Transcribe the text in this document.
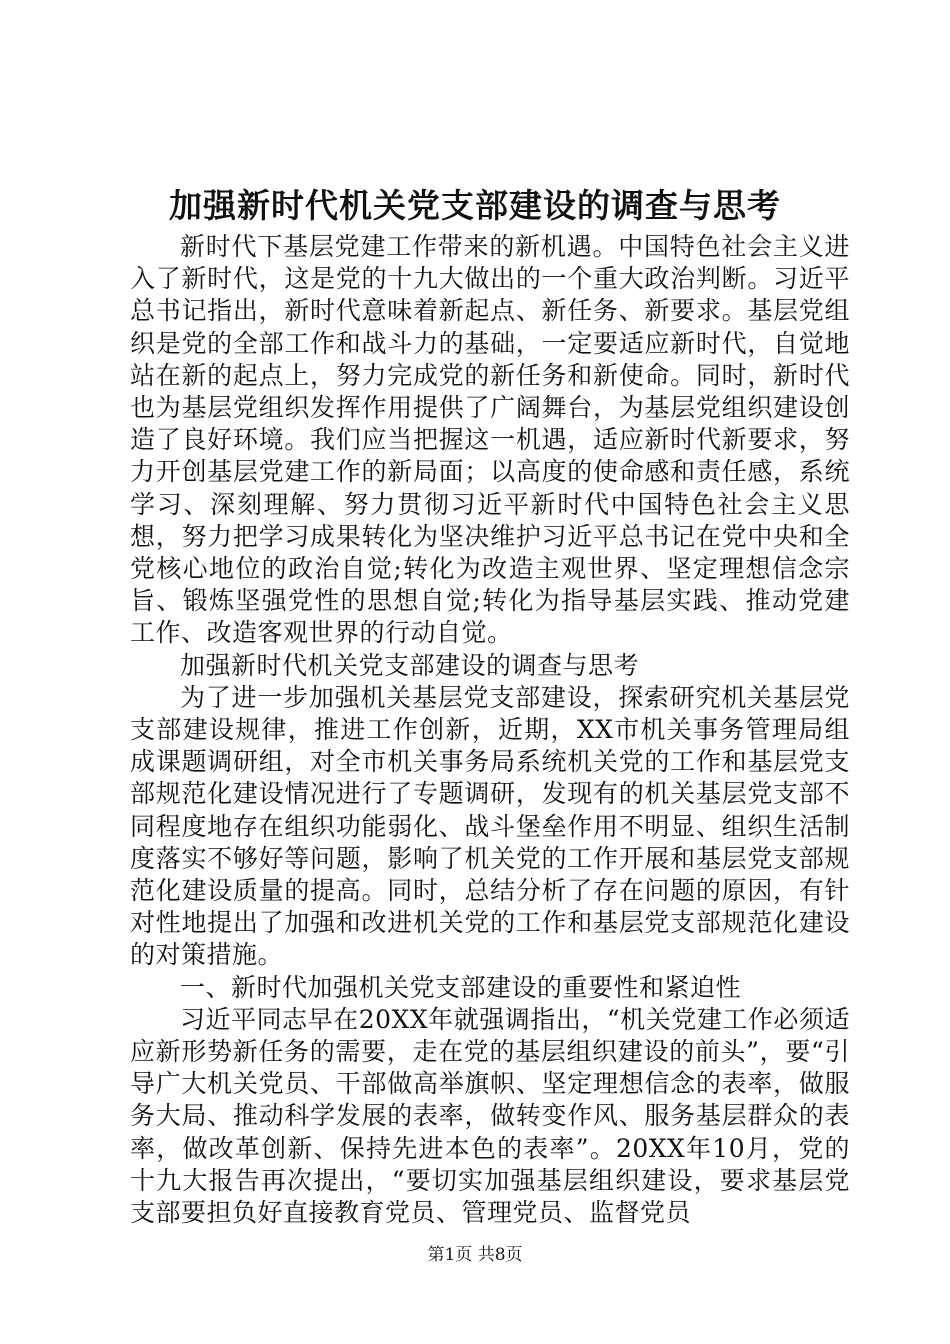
加强新时代机关党支部建设的调查与思考

新时代下基层党建工作带来的新机遇。中国特色社会主义进入了新时代，这是党的十九大做出的一个重大政治判断。习近平总书记指出，新时代意味着新起点、新任务、新要求。基层党组织是党的全部工作和战斗力的基础，一定要适应新时代，自觉地站在新的起点上，努力完成党的新任务和新使命。同时，新时代也为基层党组织发挥作用提供了广阔舞台，为基层党组织建设创造了良好环境。我们应当把握这一机遇，适应新时代新要求，努力开创基层党建工作的新局面；以高度的使命感和责任感，系统学习、深刻理解、努力贯彻习近平新时代中国特色社会主义思想，努力把学习成果转化为坚决维护习近平总书记在党中央和全党核心地位的政治自觉;转化为改造主观世界、坚定理想信念宗旨、锻炼坚强党性的思想自觉;转化为指导基层实践、推动党建工作、改造客观世界的行动自觉。

加强新时代机关党支部建设的调查与思考

为了进一步加强机关基层党支部建设，探索研究机关基层党支部建设规律，推进工作创新，近期，XX市机关事务管理局组成课题调研组，对全市机关事务局系统机关党的工作和基层党支部规范化建设情况进行了专题调研，发现有的机关基层党支部不同程度地存在组织功能弱化、战斗堡垒作用不明显、组织生活制度落实不够好等问题，影响了机关党的工作开展和基层党支部规范化建设质量的提高。同时，总结分析了存在问题的原因，有针对性地提出了加强和改进机关党的工作和基层党支部规范化建设的对策措施。

一、新时代加强机关党支部建设的重要性和紧迫性

习近平同志早在20XX年就强调指出，“机关党建工作必须适应新形势新任务的需要，走在党的基层组织建设的前头”，要“引导广大机关党员、干部做高举旗帜、坚定理想信念的表率，做服务大局、推动科学发展的表率，做转变作风、服务基层群众的表率，做改革创新、保持先进本色的表率”。20XX年10月，党的十九大报告再次提出，“要切实加强基层组织建设，要求基层党支部要担负好直接教育党员、管理党员、监督党员

第1页 共8页
